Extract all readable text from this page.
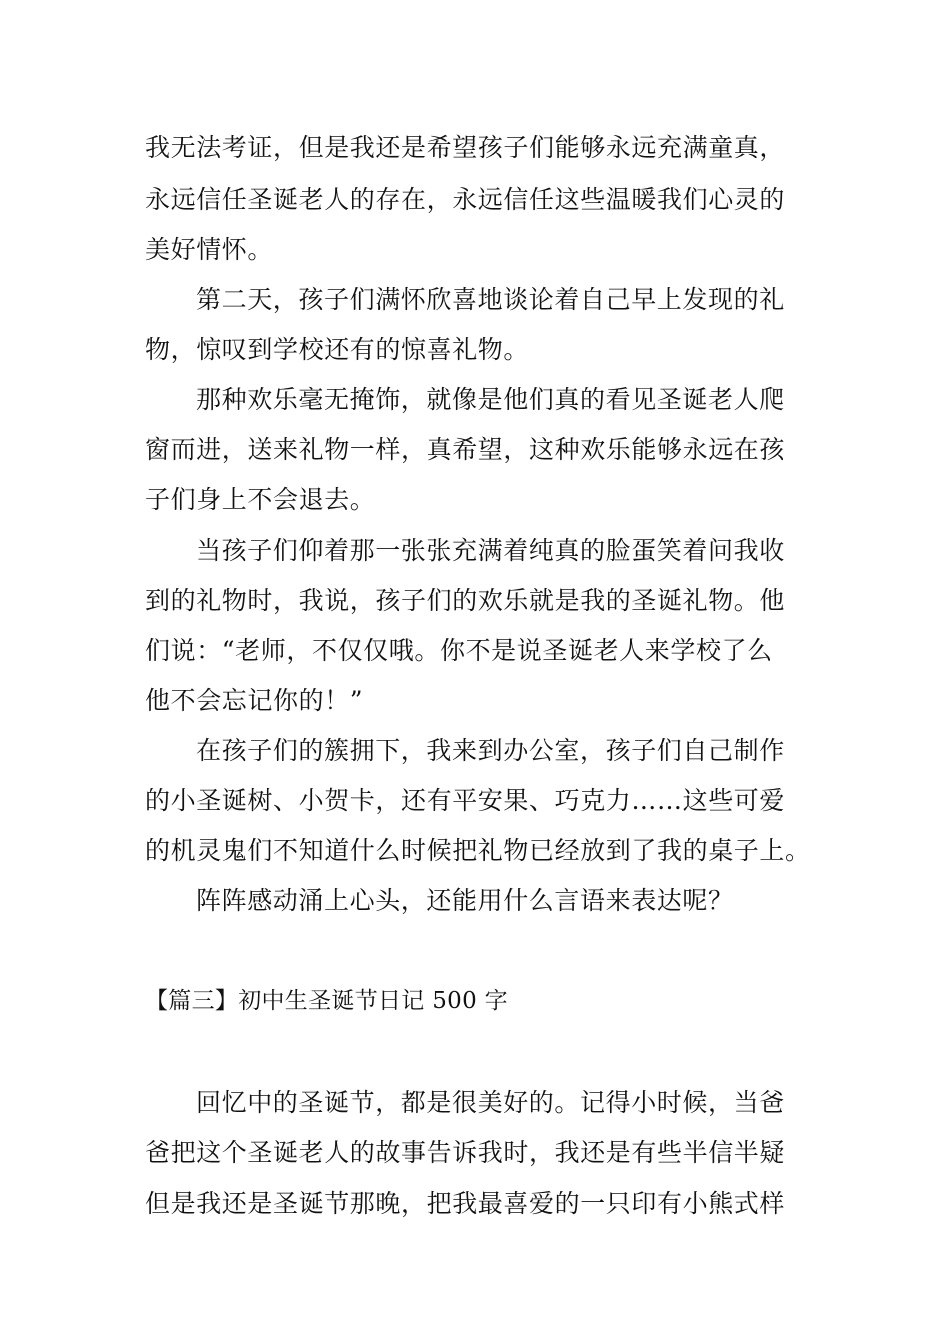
我无法考证，但是我还是希望孩子们能够永远充满童真，
永远信任圣诞老人的存在，永远信任这些温暖我们心灵的
美好情怀。
第二天，孩子们满怀欣喜地谈论着自己早上发现的礼
物，惊叹到学校还有的惊喜礼物。
那种欢乐毫无掩饰，就像是他们真的看见圣诞老人爬
窗而进，送来礼物一样，真希望，这种欢乐能够永远在孩
子们身上不会退去。
当孩子们仰着那一张张充满着纯真的脸蛋笑着问我收
到的礼物时，我说，孩子们的欢乐就是我的圣诞礼物。他
们说：“老师，不仅仅哦。你不是说圣诞老人来学校了么
他不会忘记你的！”
在孩子们的簇拥下，我来到办公室，孩子们自己制作
的小圣诞树、小贺卡，还有平安果、巧克力……这些可爱
的机灵鬼们不知道什么时候把礼物已经放到了我的桌子上。
阵阵感动涌上心头，还能用什么言语来表达呢？
【篇三】初中生圣诞节日记 500 字
回忆中的圣诞节，都是很美好的。记得小时候，当爸
爸把这个圣诞老人的故事告诉我时，我还是有些半信半疑
但是我还是圣诞节那晚，把我最喜爱的一只印有小熊式样
